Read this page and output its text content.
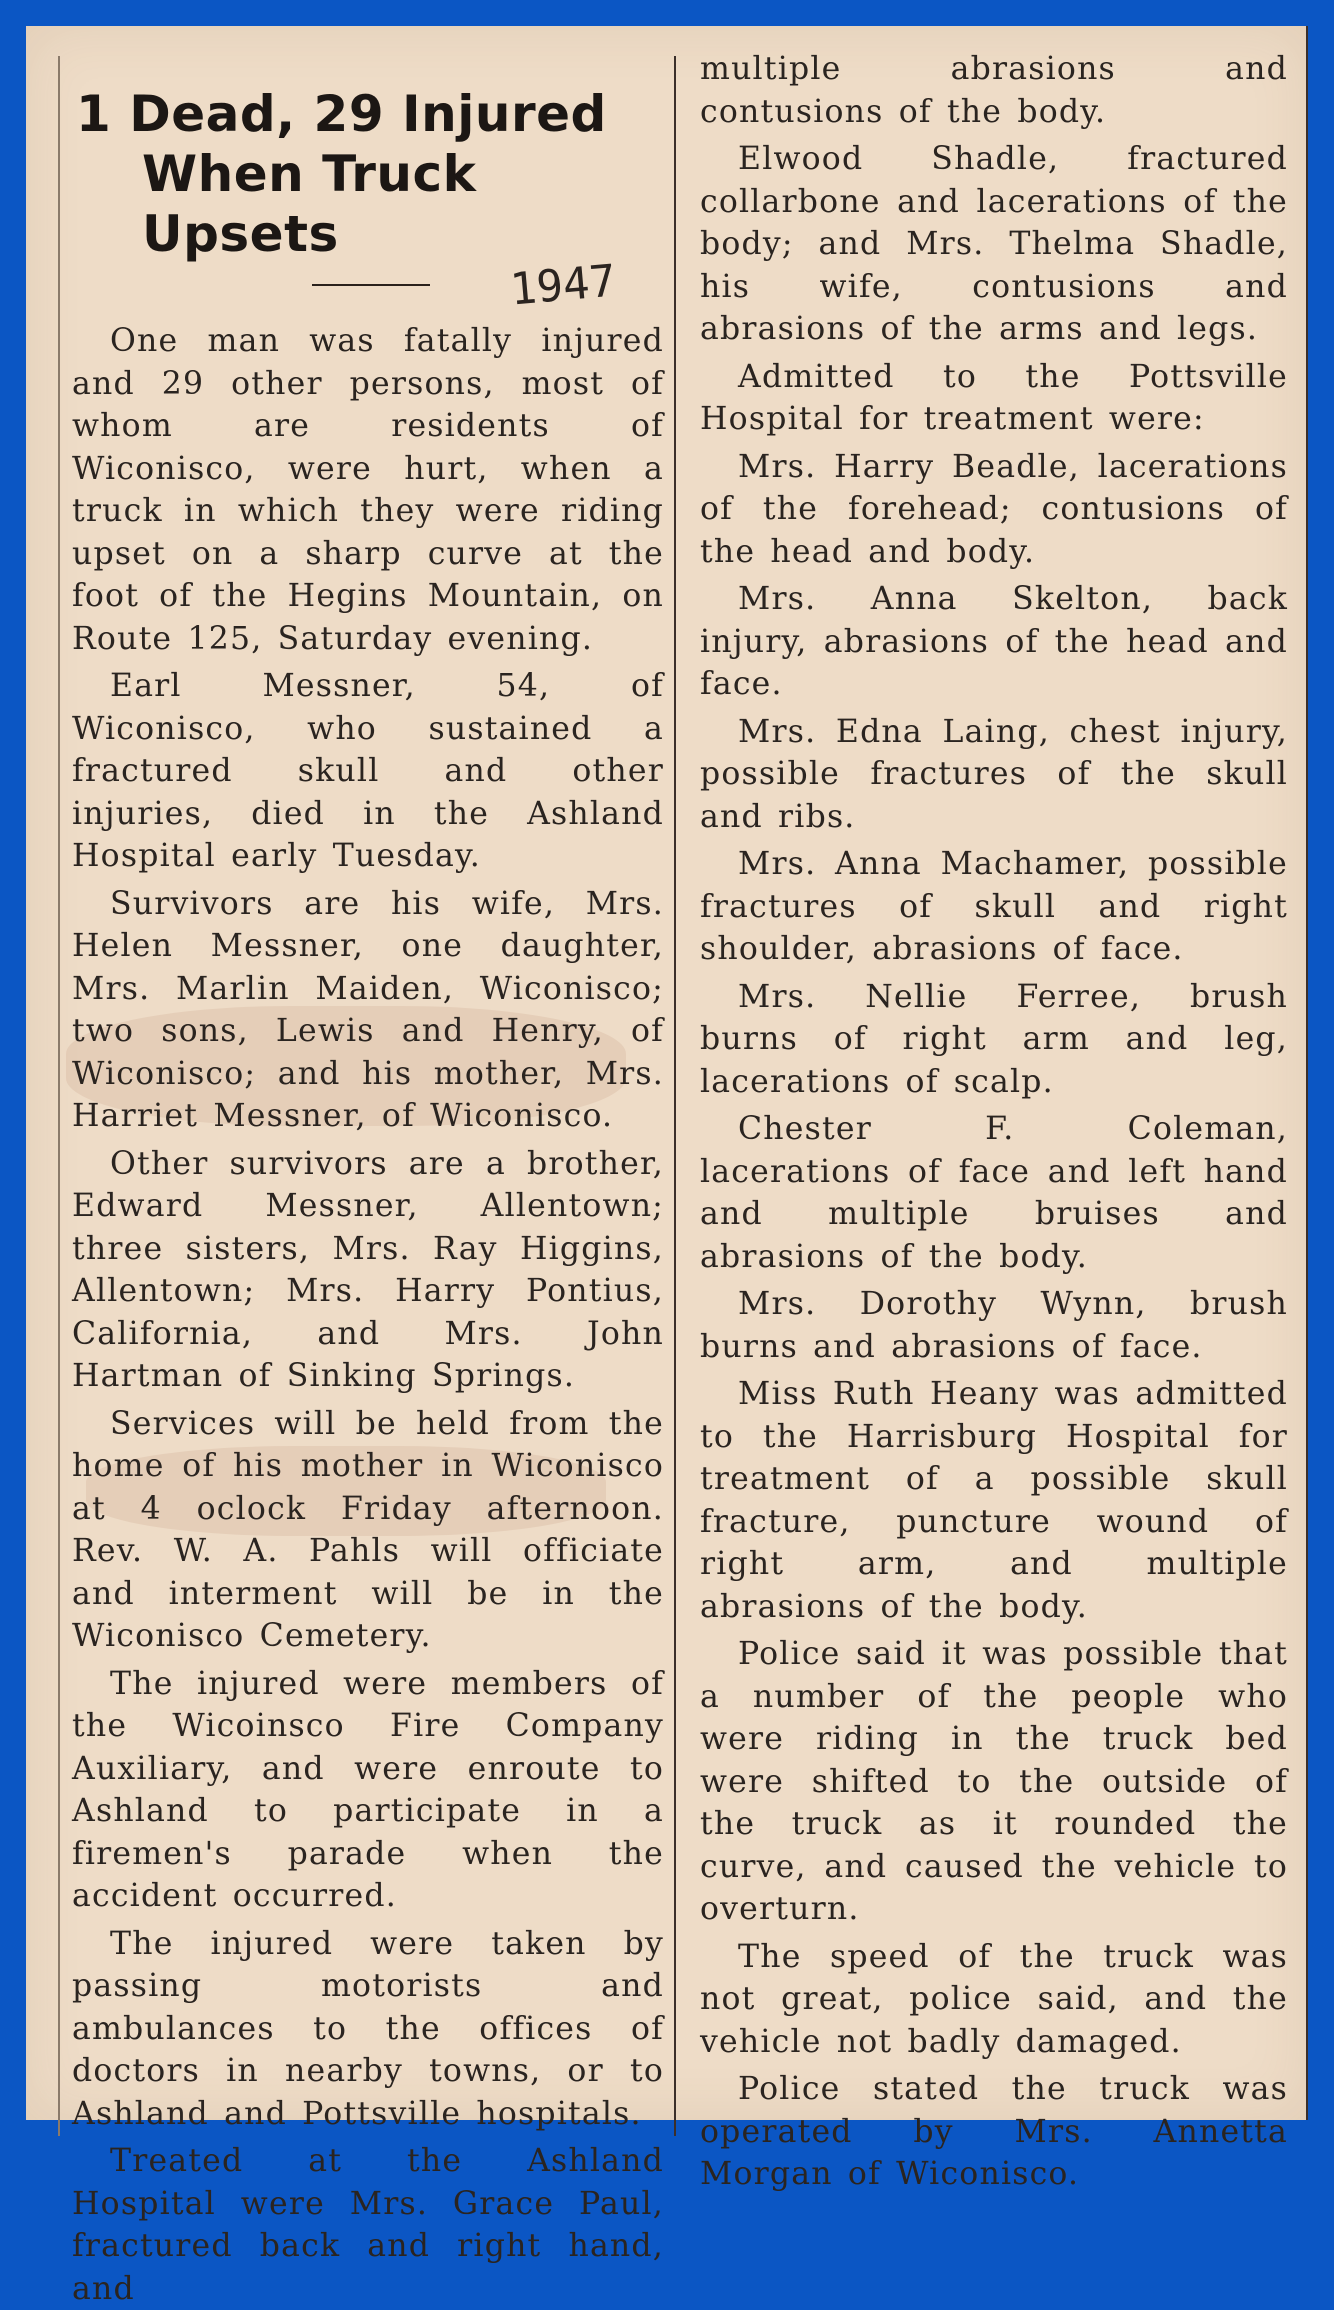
1 Dead, 29 Injured
When Truck Upsets
1947

One man was fatally injured and 29 other persons, most of whom are residents of Wiconisco, were hurt, when a truck in which they were riding upset on a sharp curve at the foot of the Hegins Mountain, on Route 125, Saturday evening.

Earl Messner, 54, of Wiconisco, who sustained a fractured skull and other injuries, died in the Ashland Hospital early Tuesday.

Survivors are his wife, Mrs. Helen Messner, one daughter, Mrs. Marlin Maiden, Wiconisco; two sons, Lewis and Henry, of Wiconisco; and his mother, Mrs. Harriet Messner, of Wiconisco.

Other survivors are a brother, Edward Messner, Allentown; three sisters, Mrs. Ray Higgins, Allentown; Mrs. Harry Pontius, California, and Mrs. John Hartman of Sinking Springs.

Services will be held from the home of his mother in Wiconisco at 4 oclock Friday afternoon. Rev. W. A. Pahls will officiate and interment will be in the Wiconisco Cemetery.

The injured were members of the Wicoinsco Fire Company Auxiliary, and were enroute to Ashland to participate in a firemen's parade when the accident occurred.

The injured were taken by passing motorists and ambulances to the offices of doctors in nearby towns, or to Ashland and Pottsville hospitals.

Treated at the Ashland Hospital were Mrs. Grace Paul, fractured back and right hand, and

multiple abrasions and contusions of the body.

Elwood Shadle, fractured collarbone and lacerations of the body; and Mrs. Thelma Shadle, his wife, contusions and abrasions of the arms and legs.

Admitted to the Pottsville Hospital for treatment were:

Mrs. Harry Beadle, lacerations of the forehead; contusions of the head and body.

Mrs. Anna Skelton, back injury, abrasions of the head and face.

Mrs. Edna Laing, chest injury, possible fractures of the skull and ribs.

Mrs. Anna Machamer, possible fractures of skull and right shoulder, abrasions of face.

Mrs. Nellie Ferree, brush burns of right arm and leg, lacerations of scalp.

Chester F. Coleman, lacerations of face and left hand and multiple bruises and abrasions of the body.

Mrs. Dorothy Wynn, brush burns and abrasions of face.

Miss Ruth Heany was admitted to the Harrisburg Hospital for treatment of a possible skull fracture, puncture wound of right arm, and multiple abrasions of the body.

Police said it was possible that a number of the people who were riding in the truck bed were shifted to the outside of the truck as it rounded the curve, and caused the vehicle to overturn.

The speed of the truck was not great, police said, and the vehicle not badly damaged.

Police stated the truck was operated by Mrs. Annetta Morgan of Wiconisco.
